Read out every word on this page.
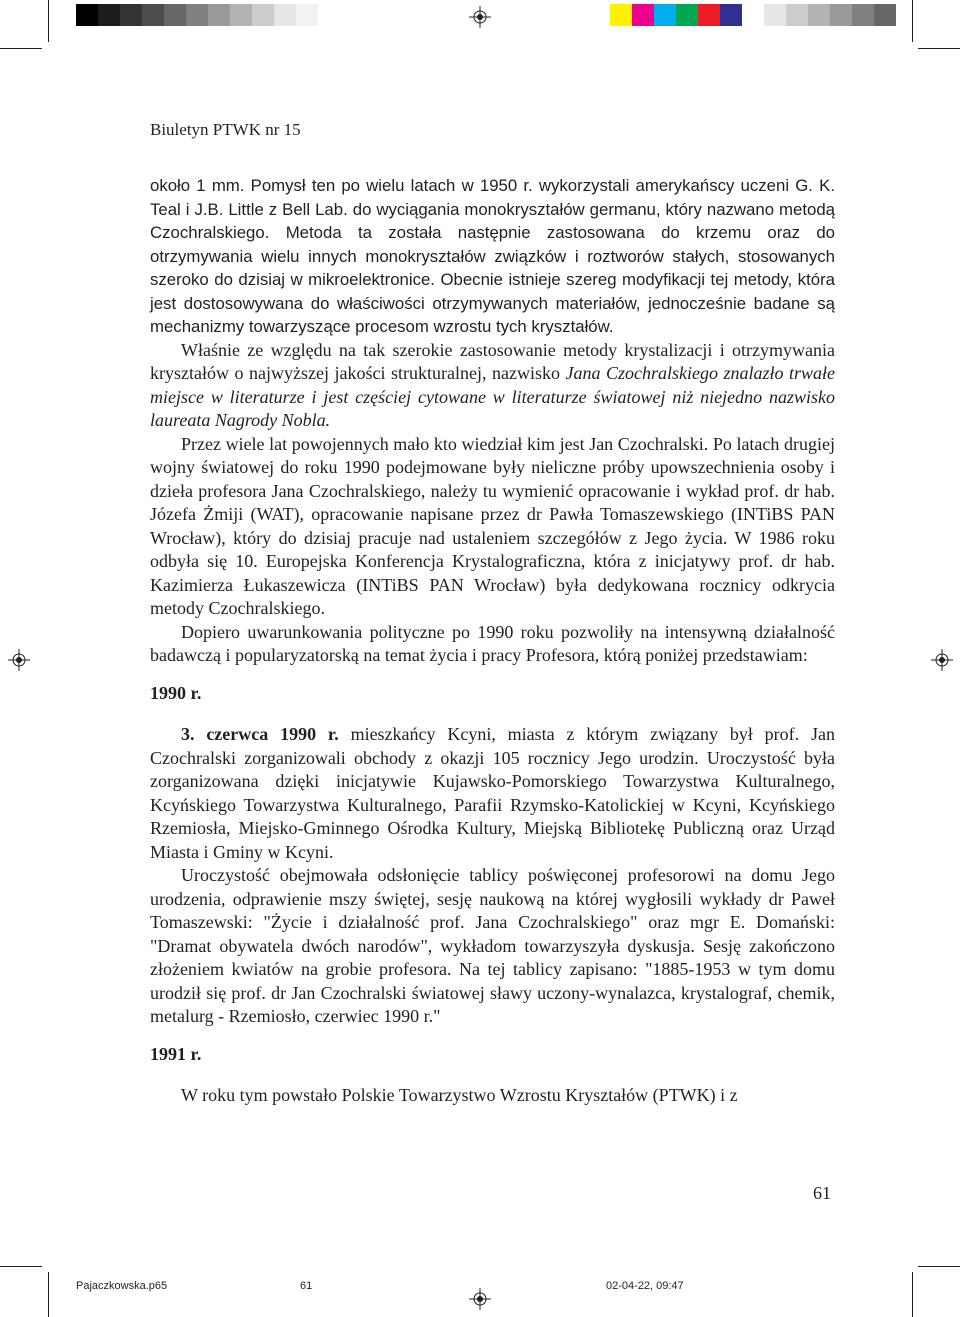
Biuletyn PTWK nr 15

około 1 mm. Pomysł ten po wielu latach w 1950 r. wykorzystali amerykańscy uczeni G. K. Teal i J.B. Little z Bell Lab. do wyciągania monokryształów germanu, który nazwano metodą Czochralskiego. Metoda ta została następnie zastosowana do krzemu oraz do otrzymywania wielu innych monokryształów związków i roztworów stałych, stosowanych szeroko do dzisiaj w mikroelektronice. Obecnie istnieje szereg modyfikacji tej metody, która jest dostosowywana do właściwości otrzymywanych materiałów, jednocześnie badane są mechanizmy towarzyszące procesom wzrostu tych kryształów.

Właśnie ze względu na tak szerokie zastosowanie metody krystalizacji i otrzymywania kryształów o najwyższej jakości strukturalnej, nazwisko Jana Czochralskiego znalazło trwałe miejsce w literaturze i jest częściej cytowane w literaturze światowej niż niejedno nazwisko laureata Nagrody Nobla.

Przez wiele lat powojennych mało kto wiedział kim jest Jan Czochralski. Po latach drugiej wojny światowej do roku 1990 podejmowane były nieliczne próby upowszechnienia osoby i dzieła profesora Jana Czochralskiego, należy tu wymienić opracowanie i wykład prof. dr hab. Józefa Żmiji (WAT), opracowanie napisane przez dr Pawła Tomaszewskiego (INTiBS PAN Wrocław), który do dzisiaj pracuje nad ustaleniem szczegółów z Jego życia. W 1986 roku odbyła się 10. Europejska Konferencja Krystalograficzna, która z inicjatywy prof. dr hab. Kazimierza Łukaszewicza (INTiBS PAN Wrocław) była dedykowana rocznicy odkrycia metody Czochralskiego.

Dopiero uwarunkowania polityczne po 1990 roku pozwoliły na intensywną działalność badawczą i popularyzatorską na temat życia i pracy Profesora, którą poniżej przedstawiam:

1990 r.

3. czerwca 1990 r. mieszkańcy Kcyni, miasta z którym związany był prof. Jan Czochralski zorganizowali obchody z okazji 105 rocznicy Jego urodzin. Uroczystość była zorganizowana dzięki inicjatywie Kujawsko-Pomorskiego Towarzystwa Kulturalnego, Kcyńskiego Towarzystwa Kulturalnego, Parafii Rzymsko-Katolickiej w Kcyni, Kcyńskiego Rzemiosła, Miejsko-Gminnego Ośrodka Kultury, Miejską Bibliotekę Publiczną oraz Urząd Miasta i Gminy w Kcyni.

Uroczystość obejmowała odsłonięcie tablicy poświęconej profesorowi na domu Jego urodzenia, odprawienie mszy świętej, sesję naukową na której wygłosili wykłady dr Paweł Tomaszewski: "Życie i działalność prof. Jana Czochralskiego" oraz mgr E. Domański: "Dramat obywatela dwóch narodów", wykładom towarzyszyła dyskusja. Sesję zakończono złożeniem kwiatów na grobie profesora. Na tej tablicy zapisano: "1885-1953 w tym domu urodził się prof. dr Jan Czochralski światowej sławy uczony-wynalazca, krystalograf, chemik, metalurg - Rzemiosło, czerwiec 1990 r."

1991 r.

W roku tym powstało Polskie Towarzystwo Wzrostu Kryształów (PTWK) i z

61
Pajaczkowska.p65	61	02-04-22, 09:47
